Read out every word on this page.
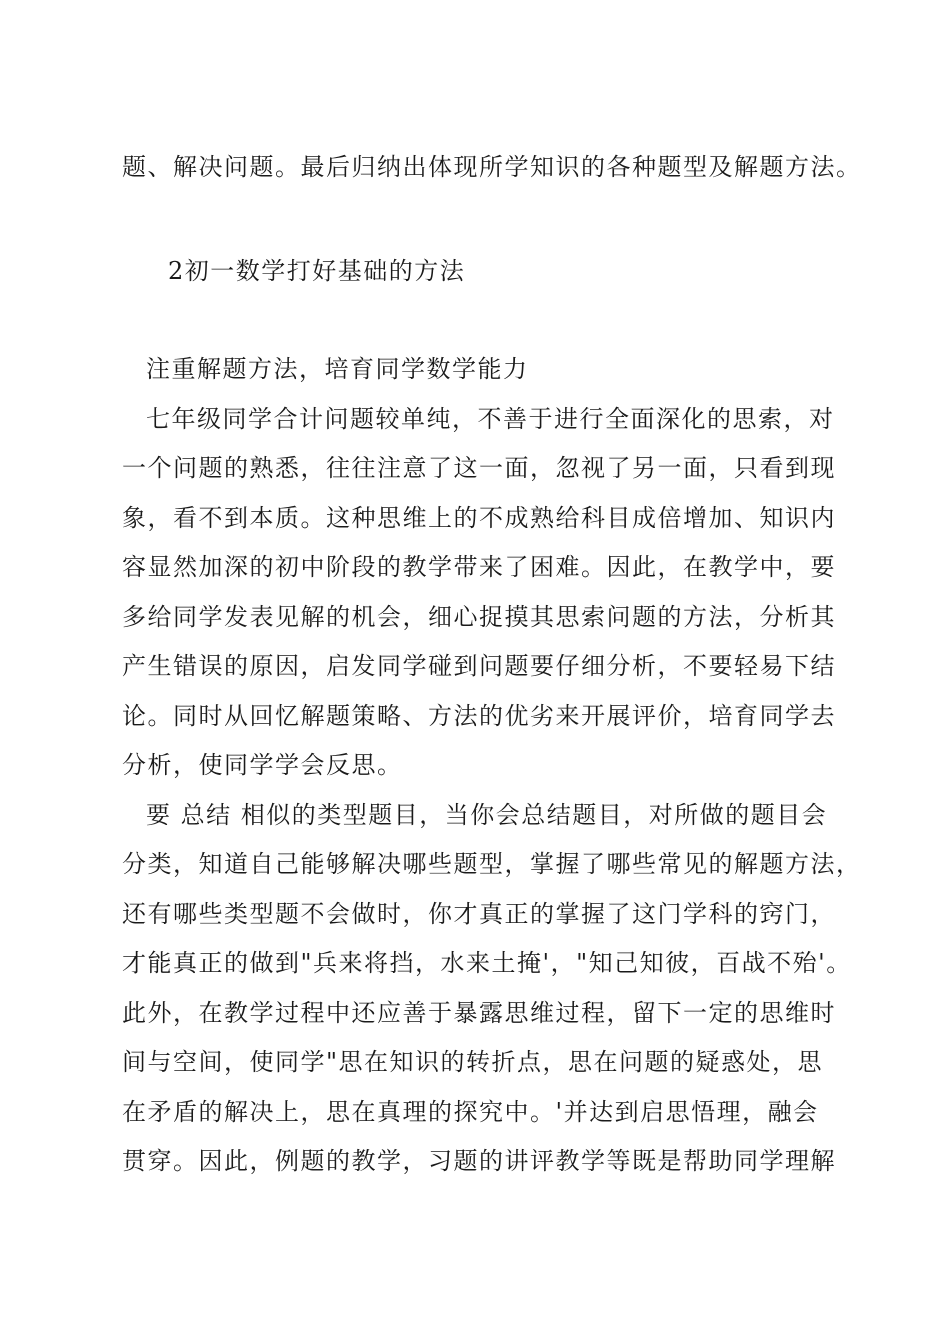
题、解决问题。最后归纳出体现所学知识的各种题型及解题方法。
2初一数学打好基础的方法
注重解题方法，培育同学数学能力
七年级同学合计问题较单纯，不善于进行全面深化的思索，对
一个问题的熟悉，往往注意了这一面，忽视了另一面，只看到现
象，看不到本质。这种思维上的不成熟给科目成倍增加、知识内
容显然加深的初中阶段的教学带来了困难。因此，在教学中，要
多给同学发表见解的机会，细心捉摸其思索问题的方法，分析其
产生错误的原因，启发同学碰到问题要仔细分析，不要轻易下结
论。同时从回忆解题策略、方法的优劣来开展评价，培育同学去
分析，使同学学会反思。
要 总结 相似的类型题目，当你会总结题目，对所做的题目会
分类，知道自己能够解决哪些题型，掌握了哪些常见的解题方法，
还有哪些类型题不会做时，你才真正的掌握了这门学科的窍门，
才能真正的做到"兵来将挡，水来土掩'，"知己知彼，百战不殆'。
此外，在教学过程中还应善于暴露思维过程，留下一定的思维时
间与空间，使同学"思在知识的转折点，思在问题的疑惑处，思
在矛盾的解决上，思在真理的探究中。'并达到启思悟理，融会
贯穿。因此，例题的教学，习题的讲评教学等既是帮助同学理解
